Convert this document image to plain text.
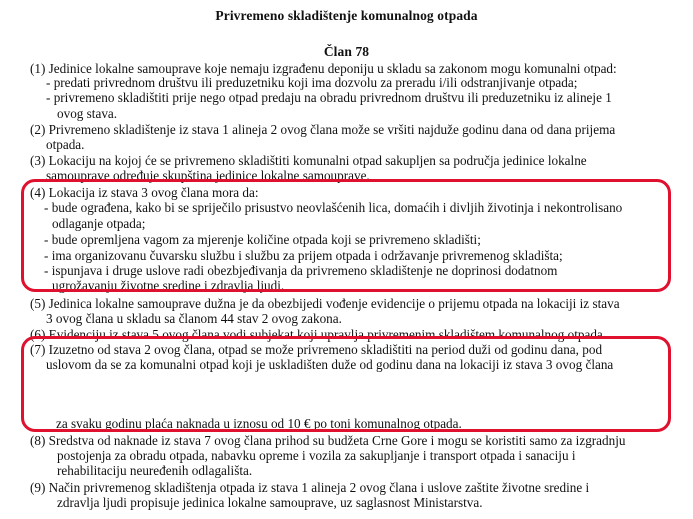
Privremeno skladištenje komunalnog otpada
Član 78
(1) Jedinice lokalne samouprave koje nemaju izgrađenu deponiju u skladu sa zakonom mogu komunalni otpad:
- predati privrednom društvu ili preduzetniku koji ima dozvolu za preradu i/ili odstranjivanje otpada;
- privremeno skladištiti prije nego otpad predaju na obradu privrednom društvu ili preduzetniku iz alineje 1
ovog stava.
(2) Privremeno skladištenje iz stava 1 alineja 2 ovog člana može se vršiti najduže godinu dana od dana prijema
otpada.
(3) Lokaciju na kojoj će se privremeno skladištiti komunalni otpad sakupljen sa područja jedinice lokalne
samouprave određuje skupština jedinice lokalne samouprave.
(4) Lokacija iz stava 3 ovog člana mora da:
- bude ograđena, kako bi se spriječilo prisustvo neovlašćenih lica, domaćih i divljih životinja i nekontrolisano
odlaganje otpada;
- bude opremljena vagom za mjerenje količine otpada koji se privremeno skladišti;
- ima organizovanu čuvarsku službu i službu za prijem otpada i održavanje privremenog skladišta;
- ispunjava i druge uslove radi obezbjeđivanja da privremeno skladištenje ne doprinosi dodatnom
ugrožavanju životne sredine i zdravlja ljudi.
(5) Jedinica lokalne samouprave dužna je da obezbijedi vođenje evidencije o prijemu otpada na lokaciji iz stava
3 ovog člana u skladu sa članom 44 stav 2 ovog zakona.
(6) Evidenciju iz stava 5 ovog člana vodi subjekat koji upravlja privremenim skladištem komunalnog otpada.
(7) Izuzetno od stava 2 ovog člana, otpad se može privremeno skladištiti na period duži od godinu dana, pod
uslovom da se za komunalni otpad koji je uskladišten duže od godinu dana na lokaciji iz stava 3 ovog člana
za svaku godinu plaća naknada u iznosu od 10 € po toni komunalnog otpada.
(8) Sredstva od naknade iz stava 7 ovog člana prihod su budžeta Crne Gore i mogu se koristiti samo za izgradnju
postojenja za obradu otpada, nabavku opreme i vozila za sakupljanje i transport otpada i sanaciju i
rehabilitaciju neuređenih odlagališta.
(9) Način privremenog skladištenja otpada iz stava 1 alineja 2 ovog člana i uslove zaštite životne sredine i
zdravlja ljudi propisuje jedinica lokalne samouprave, uz saglasnost Ministarstva.
